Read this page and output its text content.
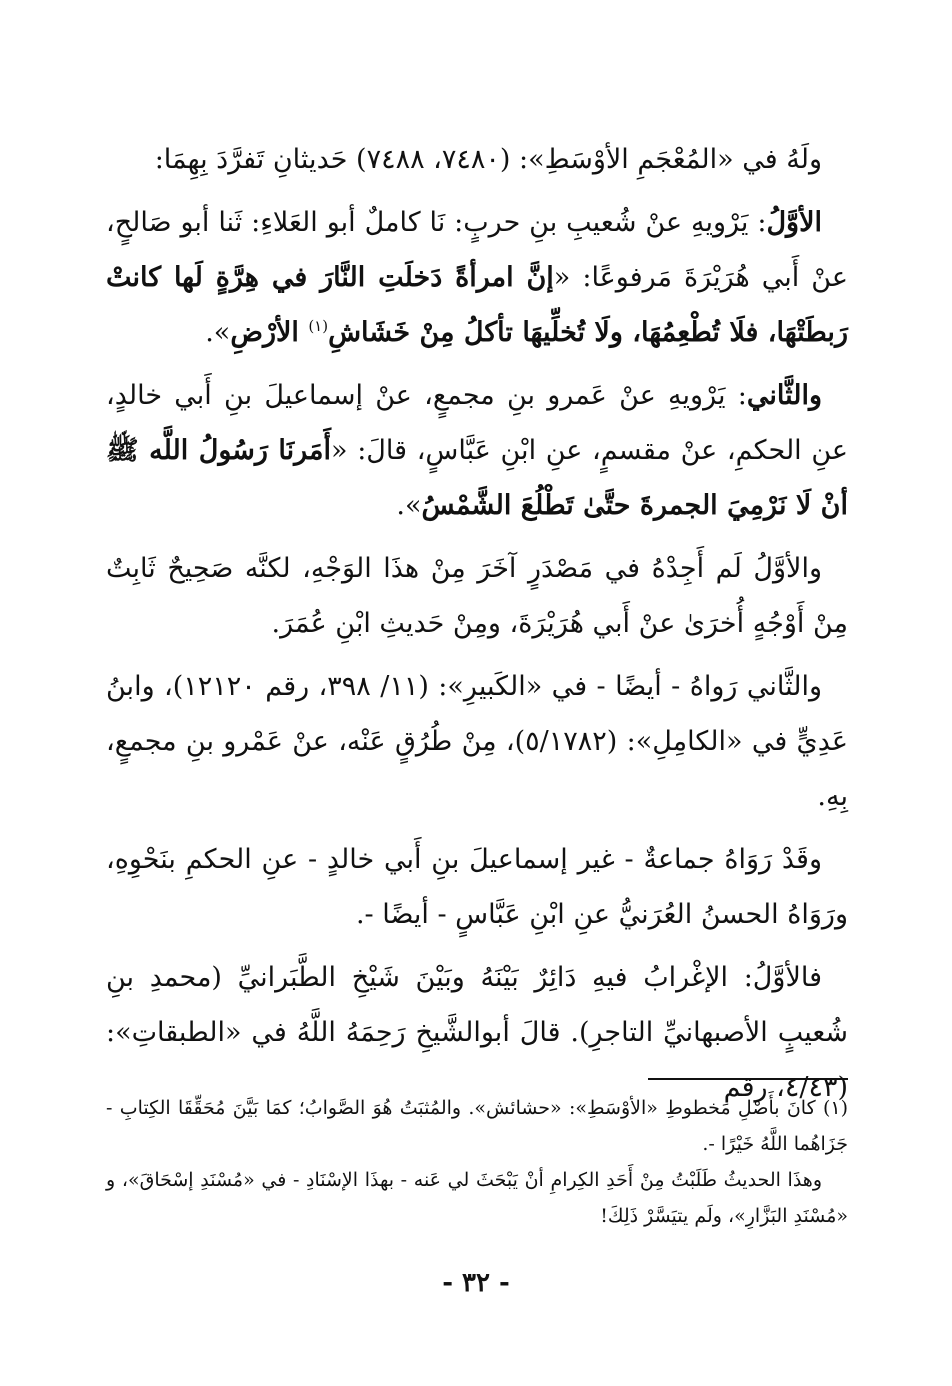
ولَهُ في «المُعْجَمِ الأوْسَطِ»: (٧٤٨٠، ٧٤٨٨) حَديثانِ تَفرَّدَ بِهِمَا:

الأوَّلُ: يَرْويهِ عنْ شُعيبِ بنِ حربٍ: نَا كاملٌ أبو العَلاءِ: ثَنا أبو صَالحٍ، عنْ أَبي هُرَيْرَةَ مَرفوعًا: «إنَّ امرأةً دَخلَتِ النَّارَ في هِرَّةٍ لَها كانتْ رَبطَتْهَا، فلَا تُطْعِمُهَا، ولَا تُخلِّيهَا تأكلُ مِنْ خَشَاشِ$^{(١)}$ الأرْضِ».

والثَّاني: يَرْويهِ عنْ عَمرو بنِ مجمعٍ، عنْ إسماعيلَ بنِ أَبي خالدٍ، عنِ الحكمِ، عنْ مقسمٍ، عنِ ابْنِ عَبَّاسٍ، قالَ: «أَمَرنَا رَسُولُ اللَّه ﷺ أنْ لَا نَرْمِيَ الجمرةَ حتَّىٰ تَطْلُعَ الشَّمْسُ».

والأوَّلُ لَم أَجِدْهُ في مَصْدَرٍ آخَرَ مِنْ هذَا الوَجْهِ، لكنَّه صَحِيحٌ ثَابِتٌ مِنْ أَوْجُهٍ أُخرَىٰ عنْ أَبي هُرَيْرَةَ، ومِنْ حَديثِ ابْنِ عُمَرَ.

والثَّاني رَواهُ - أيضًا - في «الكَبيرِ»: (١١/ ٣٩٨، رقم ١٢١٢٠)، وابنُ عَدِيٍّ في «الكامِلِ»: (٥/١٧٨٢)، مِنْ طُرُقٍ عَنْه، عنْ عَمْرو بنِ مجمعٍ، بِهِ.

وقَدْ رَوَاهُ جماعةٌ - غير إسماعيلَ بنِ أَبي خالدٍ - عنِ الحكمِ بنَحْوِهِ، ورَوَاهُ الحسنُ العُرَنيُّ عنِ ابْنِ عَبَّاسٍ - أيضًا -.

فالأوَّلُ: الإغْرابُ فيهِ دَائِرٌ بَيْنَهُ وبَيْنَ شَيْخِ الطَّبَرانيِّ (محمدِ بنِ شُعيبٍ الأصبهانيِّ التاجرِ). قالَ أبوالشَّيخِ رَحِمَهُ اللَّهُ في «الطبقاتِ»: (٤/٤٣، رقم

(١) كانَ بأَصْلِ مَخطوطِ «الأوْسَطِ»: «حشائش». والمُثبَتُ هُوَ الصَّوابُ؛ كمَا بَيَّنَ مُحَقِّقَا الكِتابِ - جَزَاهُما اللَّهُ خَيْرًا -.

وهذَا الحديثُ طَلَبْتُ مِنْ أَحَدِ الكِرامِ أنْ يَبْحَثَ لي عَنه - بهذَا الإسْنَادِ - في «مُسْنَدِ إسْحَاقَ»، و «مُسْنَدِ البَزَّارِ»، ولَم يتيَسَّرْ ذَلِكَ!

- ٣٢ -
